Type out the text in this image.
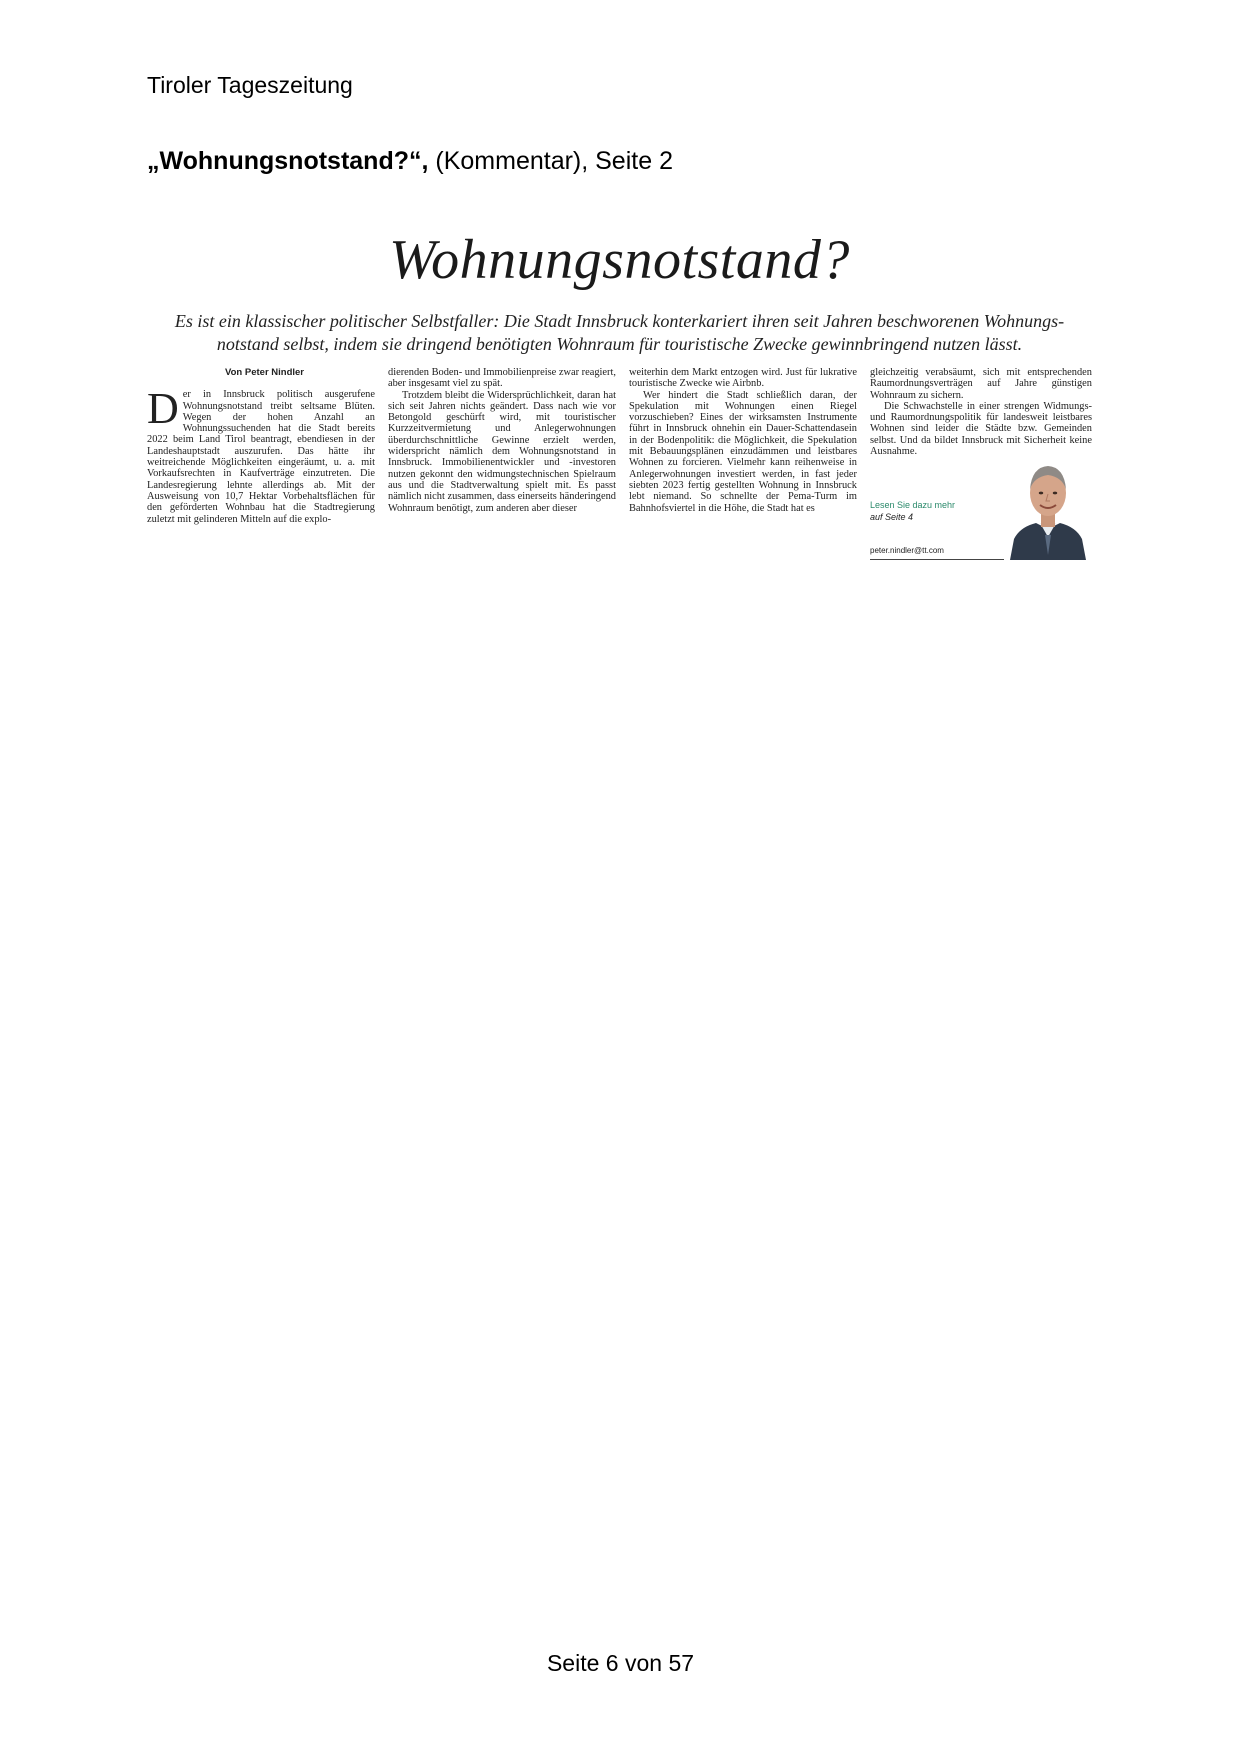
Tiroler Tageszeitung
„Wohnungsnotstand?“, (Kommentar), Seite 2
Wohnungsnotstand?
Es ist ein klassischer politischer Selbstfaller: Die Stadt Innsbruck konterkariert ihren seit Jahren beschworenen Wohnungs-
notstand selbst, indem sie dringend benötigten Wohnraum für touristische Zwecke gewinnbringend nutzen lässt.
Von Peter Nindler
D er in Innsbruck politisch ausgerufene Wohnungsnotstand treibt seltsame Blüten. Wegen der hohen Anzahl an Wohnungssuchenden hat die Stadt bereits 2022 beim Land Tirol beantragt, ebendiesen in der Landeshauptstadt auszurufen. Das hätte ihr weitreichende Möglichkeiten eingeräumt, u. a. mit Vorkaufsrechten in Kaufverträge einzutreten. Die Landesregierung lehnte allerdings ab. Mit der Ausweisung von 10,7 Hektar Vorbehaltsflächen für den geförderten Wohnbau hat die Stadtregierung zuletzt mit gelinderen Mitteln auf die explo-

dierenden Boden- und Immobilienpreise zwar reagiert, aber insgesamt viel zu spät.

Trotzdem bleibt die Widersprüchlichkeit, daran hat sich seit Jahren nichts geändert. Dass nach wie vor Betongold geschürft wird, mit touristischer Kurzzeitvermietung und Anlegerwohnungen überdurchschnittliche Gewinne erzielt werden, widerspricht nämlich dem Wohnungsnotstand in Innsbruck. Immobilienentwickler und -investoren nutzen gekonnt den widmungstechnischen Spielraum aus und die Stadtverwaltung spielt mit. Es passt nämlich nicht zusammen, dass einerseits händeringend Wohnraum benötigt, zum anderen aber dieser

weiterhin dem Markt entzogen wird. Just für lukrative touristische Zwecke wie Airbnb.

Wer hindert die Stadt schließlich daran, der Spekulation mit Wohnungen einen Riegel vorzuschieben? Eines der wirksamsten Instrumente führt in Innsbruck ohnehin ein Dauer-Schattendasein in der Bodenpolitik: die Möglichkeit, die Spekulation mit Bebauungsplänen einzudämmen und leistbares Wohnen zu forcieren. Vielmehr kann reihenweise in Anlegerwohnungen investiert werden, in fast jeder siebten 2023 fertig gestellten Wohnung in Innsbruck lebt niemand. So schnellte der Pema-Turm im Bahnhofsviertel in die Höhe, die Stadt hat es

gleichzeitig verabsäumt, sich mit entsprechenden Raumordnungsverträgen auf Jahre günstigen Wohnraum zu sichern.

Die Schwachstelle in einer strengen Widmungs- und Raumordnungspolitik für landesweit leistbares Wohnen sind leider die Städte bzw. Gemeinden selbst. Und da bildet Innsbruck mit Sicherheit keine Ausnahme.

Lesen Sie dazu mehr
auf Seite 4
peter.nindler@tt.com
Seite 6 von 57
